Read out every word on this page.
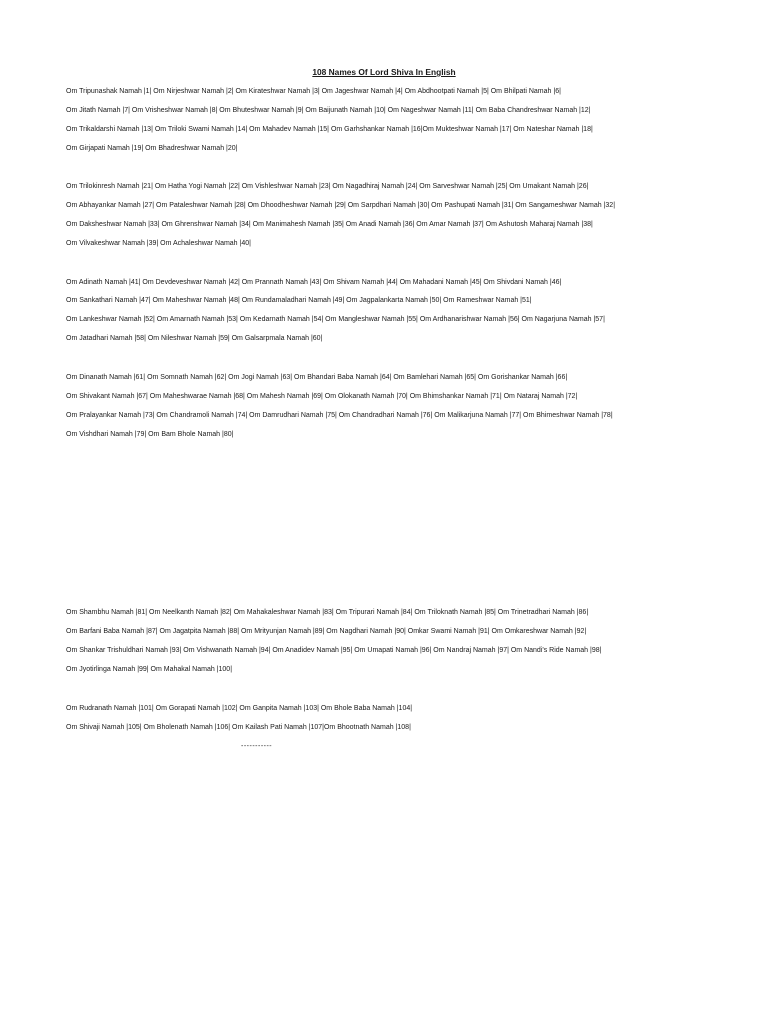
108 Names Of Lord Shiva In English
Om Tripunashak Namah |1| Om Nirjeshwar Namah |2| Om Kirateshwar Namah |3| Om Jageshwar Namah |4| Om Abdhootpati Namah |5| Om Bhilpati Namah |6|
Om Jitath Namah |7| Om Vrisheshwar Namah |8| Om Bhuteshwar Namah |9| Om Baijunath Namah |10| Om Nageshwar Namah |11| Om Baba Chandreshwar Namah |12|
Om Trikaldarshi Namah |13| Om Triloki Swami Namah |14| Om Mahadev Namah |15| Om Garhshankar Namah |16|Om Mukteshwar Namah |17| Om Nateshar Namah |18|
Om Girjapati Namah |19| Om Bhadreshwar Namah |20|
Om Trilokinresh Namah |21| Om Hatha Yogi Namah |22| Om Vishleshwar Namah |23| Om Nagadhiraj Namah |24| Om Sarveshwar Namah |25| Om Umakant Namah |26|
Om Abhayankar Namah |27| Om Pataleshwar Namah |28| Om Dhoodheshwar Namah |29| Om Sarpdhari Namah |30| Om Pashupati Namah |31| Om Sangameshwar Namah |32|
Om Daksheshwar Namah |33| Om Ghrenshwar Namah |34| Om Manimahesh Namah |35| Om Anadi Namah |36| Om Amar Namah |37| Om Ashutosh Maharaj Namah |38|
Om Vilvakeshwar Namah |39| Om Achaleshwar Namah |40|
Om Adinath Namah |41| Om Devdeveshwar Namah |42| Om Prannath Namah |43| Om Shivam Namah |44| Om Mahadani Namah |45| Om Shivdani Namah |46|
Om Sankathari Namah |47| Om Maheshwar Namah |48| Om Rundamaladhari Namah |49| Om Jagpalankarta Namah |50| Om Rameshwar Namah |51|
Om Lankeshwar Namah |52| Om Amarnath Namah |53| Om Kedarnath Namah |54| Om Mangleshwar Namah |55| Om Ardhanarishwar Namah |56| Om Nagarjuna Namah |57|
Om Jatadhari Namah |58| Om Nileshwar Namah |59| Om Galsarpmala Namah |60|
Om Dinanath Namah |61| Om Somnath Namah |62| Om Jogi Namah |63| Om Bhandari Baba Namah |64| Om Bamlehari Namah |65| Om Gorishankar Namah |66|
Om Shivakant Namah |67| Om Maheshwarae Namah |68| Om Mahesh Namah |69| Om Olokanath Namah |70| Om Bhimshankar Namah |71| Om Nataraj Namah |72|
Om Pralayankar Namah |73| Om Chandramoli Namah |74| Om Damrudhari Namah |75| Om Chandradhari Namah |76| Om Malikarjuna Namah |77| Om Bhimeshwar Namah |78|
Om Vishdhari Namah |79| Om Bam Bhole Namah |80|
Om Shambhu Namah |81| Om Neelkanth Namah |82| Om Mahakaleshwar Namah |83| Om Tripurari Namah |84| Om Triloknath Namah |85| Om Trinetradhari Namah |86|
Om Barfani Baba Namah |87| Om Jagatpita Namah |88| Om Mrityunjan Namah |89| Om Nagdhari Namah |90| Omkar Swami Namah |91| Om Omkareshwar Namah |92|
Om Shankar Trishuldhari Namah |93| Om Vishwanath Namah |94| Om Anadidev Namah |95| Om Umapati Namah |96| Om Nandraj Namah |97| Om Nandi's Ride Namah |98|
Om Jyotirlinga Namah |99| Om Mahakal Namah |100|
Om Rudranath Namah |101| Om Gorapati Namah |102| Om Ganpita Namah |103| Om Bhole Baba Namah |104|
Om Shivaji Namah |105| Om Bholenath Namah |106| Om Kailash Pati Namah |107|Om Bhootnath Namah |108|
-----------
